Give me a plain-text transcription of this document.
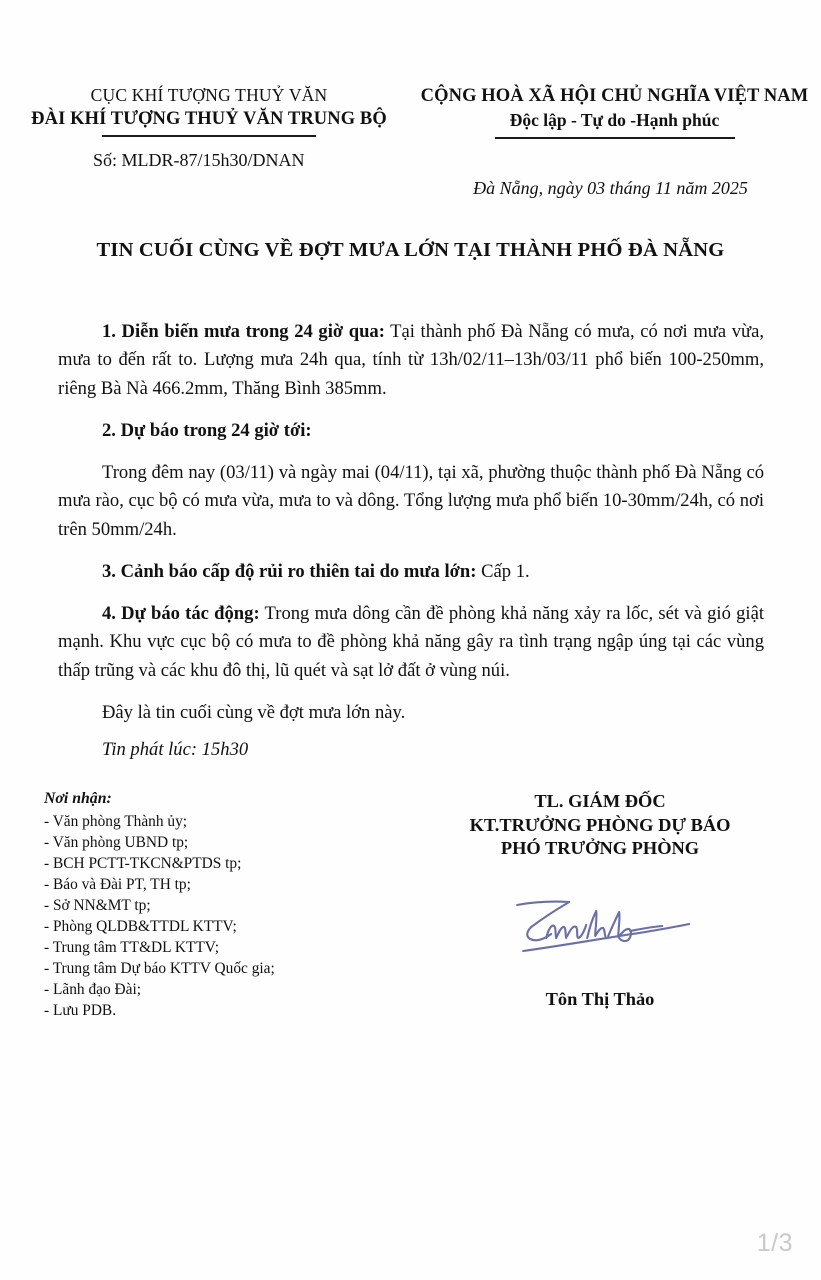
CỤC KHÍ TƯỢNG THUỶ VĂN
ĐÀI KHÍ TƯỢNG THUỶ VĂN TRUNG BỘ
CỘNG HOÀ XÃ HỘI CHỦ NGHĨA VIỆT NAM
Độc lập - Tự do -Hạnh phúc
Số: MLDR-87/15h30/DNAN
Đà Nẵng, ngày 03 tháng 11 năm 2025
TIN CUỐI CÙNG VỀ ĐỢT MƯA LỚN TẠI THÀNH PHỐ ĐÀ NẴNG

1. Diễn biến mưa trong 24 giờ qua: Tại thành phố Đà Nẵng có mưa, có nơi mưa vừa, mưa to đến rất to. Lượng mưa 24h qua, tính từ 13h/02/11–13h/03/11 phổ biến 100-250mm, riêng Bà Nà 466.2mm, Thăng Bình 385mm.

2. Dự báo trong 24 giờ tới:

Trong đêm nay (03/11) và ngày mai (04/11), tại xã, phường thuộc thành phố Đà Nẵng có mưa rào, cục bộ có mưa vừa, mưa to và dông. Tổng lượng mưa phổ biến 10-30mm/24h, có nơi trên 50mm/24h.

3. Cảnh báo cấp độ rủi ro thiên tai do mưa lớn: Cấp 1.

4. Dự báo tác động: Trong mưa dông cần đề phòng khả năng xảy ra lốc, sét và gió giật mạnh. Khu vực cục bộ có mưa to đề phòng khả năng gây ra tình trạng ngập úng tại các vùng thấp trũng và các khu đô thị, lũ quét và sạt lở đất ở vùng núi.

Đây là tin cuối cùng về đợt mưa lớn này.

Tin phát lúc: 15h30

Nơi nhận:
- Văn phòng Thành ủy;
- Văn phòng UBND tp;
- BCH PCTT-TKCN&PTDS tp;
- Báo và Đài PT, TH tp;
- Sở NN&MT tp;
- Phòng QLDB&TTDL KTTV;
- Trung tâm TT&DL KTTV;
- Trung tâm Dự báo KTTV Quốc gia;
- Lãnh đạo Đài;
- Lưu PDB.
TL. GIÁM ĐỐC
KT.TRƯỞNG PHÒNG DỰ BÁO
PHÓ TRƯỞNG PHÒNG
Tôn Thị Thảo
1/3
